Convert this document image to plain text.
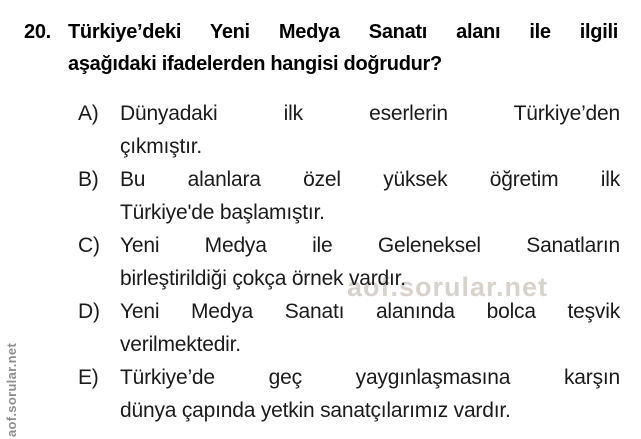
aof.sorular.net
aof.sorular.net
20. Türkiye’deki Yeni Medya Sanatı alanı ile ilgili
aşağıdaki ifadelerden hangisi doğrudur?
A)	Dünyadaki ilk eserlerin Türkiye’den
çıkmıştır.
B)	Bu alanlara özel yüksek öğretim ilk
Türkiye'de başlamıştır.
C) Yeni Medya ile Geleneksel Sanatların
birleştirildiği çokça örnek vardır.
D) Yeni Medya Sanatı alanında bolca teşvik
verilmektedir.
E)	Türkiye’de geç yaygınlaşmasına karşın
dünya çapında yetkin sanatçılarımız vardır.
